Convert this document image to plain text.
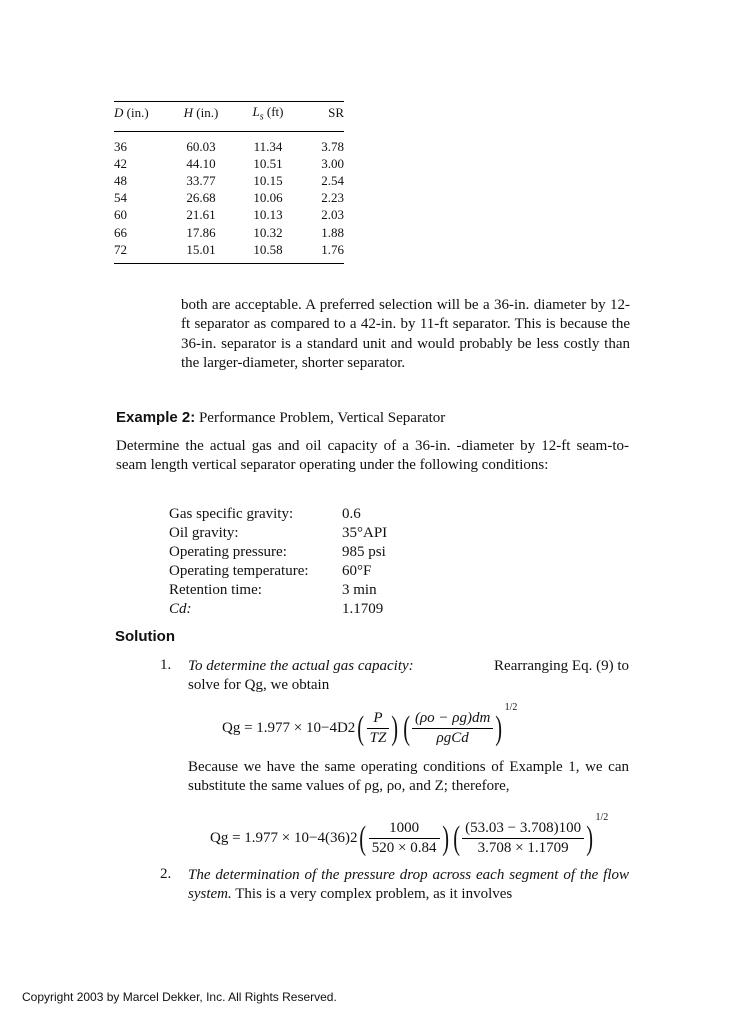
D (in.)	H (in.)	$L_s$ (ft)	SR
36	60.03	11.34	3.78
42	44.10	10.51	3.00
48	33.77	10.15	2.54
54	26.68	10.06	2.23
60	21.61	10.13	2.03
66	17.86	10.32	1.88
72	15.01	10.58	1.76
both are acceptable. A preferred selection will be a 36-in. diameter by 12-ft separator as compared to a 42-in. by 11-ft separator. This is because the 36-in. separator is a standard unit and would probably be less costly than the larger-diameter, shorter separator.
Example 2: Performance Problem, Vertical Separator
Determine the actual gas and oil capacity of a 36-in. -diameter by 12-ft seam-to-seam length vertical separator operating under the following conditions:
Gas specific gravity:	0.6
Oil gravity:	35°API
Operating pressure:	985 psi
Operating temperature: 60°F
Retention time:	3 min
Cd:	1.1709
Solution
1. To determine the actual gas capacity:	Rearranging Eq. (9) to
solve for Qg, we obtain
$Qg = 1.977 \times 10-4D2( \frac{P}{TZ}$ ) ( $\frac{(\rho o - \rho g)dm}{\text{ρgCd}} )^{1/2}$
Because we have the same operating conditions of Example 1, we can substitute the same values of ρg, ρo, and Z; therefore,
$Qg = 1.977 \times 10-4(36)2( \frac{1000}{520 \times 0.84}$ ) ( $\frac{(53.03 - 3.708)100}{3.708 \times 1.1709} )^{1/2}$
2. The determination of the pressure drop across each segment of the flow system. This is a very complex problem, as it involves
Copyright 2003 by Marcel Dekker, Inc. All Rights Reserved.
